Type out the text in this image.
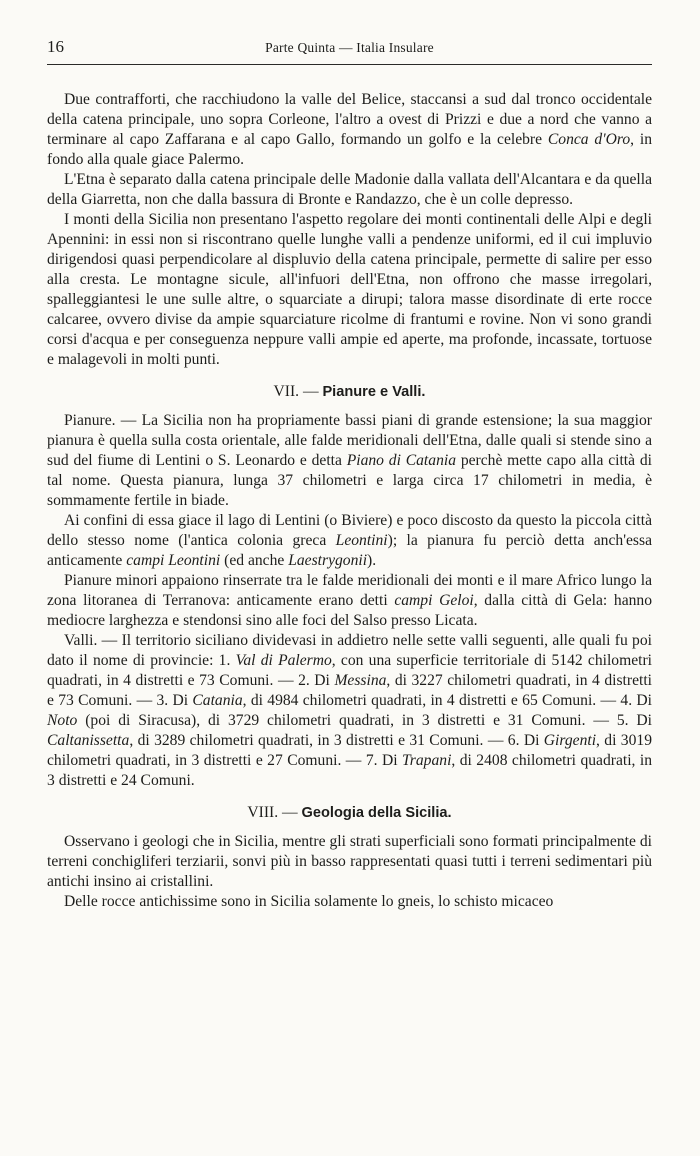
16	Parte Quinta — Italia Insulare

Due contrafforti, che racchiudono la valle del Belice, staccansi a sud dal tronco occidentale della catena principale, uno sopra Corleone, l'altro a ovest di Prizzi e due a nord che vanno a terminare al capo Zaffarana e al capo Gallo, formando un golfo e la celebre Conca d'Oro, in fondo alla quale giace Palermo.

L'Etna è separato dalla catena principale delle Madonie dalla vallata dell'Alcantara e da quella della Giarretta, non che dalla bassura di Bronte e Randazzo, che è un colle depresso.

I monti della Sicilia non presentano l'aspetto regolare dei monti continentali delle Alpi e degli Apennini: in essi non si riscontrano quelle lunghe valli a pendenze uniformi, ed il cui impluvio dirigendosi quasi perpendicolare al displuvio della catena principale, permette di salire per esso alla cresta. Le montagne sicule, all'infuori dell'Etna, non offrono che masse irregolari, spalleggiantesi le une sulle altre, o squarciate a dirupi; talora masse disordinate di erte rocce calcaree, ovvero divise da ampie squarciature ricolme di frantumi e rovine. Non vi sono grandi corsi d'acqua e per conseguenza neppure valli ampie ed aperte, ma profonde, incassate, tortuose e malagevoli in molti punti.

VII. — Pianure e Valli.

Pianure. — La Sicilia non ha propriamente bassi piani di grande estensione; la sua maggior pianura è quella sulla costa orientale, alle falde meridionali dell'Etna, dalle quali si stende sino a sud del fiume di Lentini o S. Leonardo e detta Piano di Catania perchè mette capo alla città di tal nome. Questa pianura, lunga 37 chilometri e larga circa 17 chilometri in media, è sommamente fertile in biade.

Ai confini di essa giace il lago di Lentini (o Biviere) e poco discosto da questo la piccola città dello stesso nome (l'antica colonia greca Leontini); la pianura fu perciò detta anch'essa anticamente campi Leontini (ed anche Laestrygonii).

Pianure minori appaiono rinserrate tra le falde meridionali dei monti e il mare Africo lungo la zona litoranea di Terranova: anticamente erano detti campi Geloi, dalla città di Gela: hanno mediocre larghezza e stendonsi sino alle foci del Salso presso Licata.

Valli. — Il territorio siciliano dividevasi in addietro nelle sette valli seguenti, alle quali fu poi dato il nome di provincie: 1. Val di Palermo, con una superficie territoriale di 5142 chilometri quadrati, in 4 distretti e 73 Comuni. — 2. Di Messina, di 3227 chilometri quadrati, in 4 distretti e 73 Comuni. — 3. Di Catania, di 4984 chilometri quadrati, in 4 distretti e 65 Comuni. — 4. Di Noto (poi di Siracusa), di 3729 chilometri quadrati, in 3 distretti e 31 Comuni. — 5. Di Caltanissetta, di 3289 chilometri quadrati, in 3 distretti e 31 Comuni. — 6. Di Girgenti, di 3019 chilometri quadrati, in 3 distretti e 27 Comuni. — 7. Di Trapani, di 2408 chilometri quadrati, in 3 distretti e 24 Comuni.

VIII. — Geologia della Sicilia.

Osservano i geologi che in Sicilia, mentre gli strati superficiali sono formati principalmente di terreni conchigliferi terziarii, sonvi più in basso rappresentati quasi tutti i terreni sedimentari più antichi insino ai cristallini.

Delle rocce antichissime sono in Sicilia solamente lo gneis, lo schisto micaceo
